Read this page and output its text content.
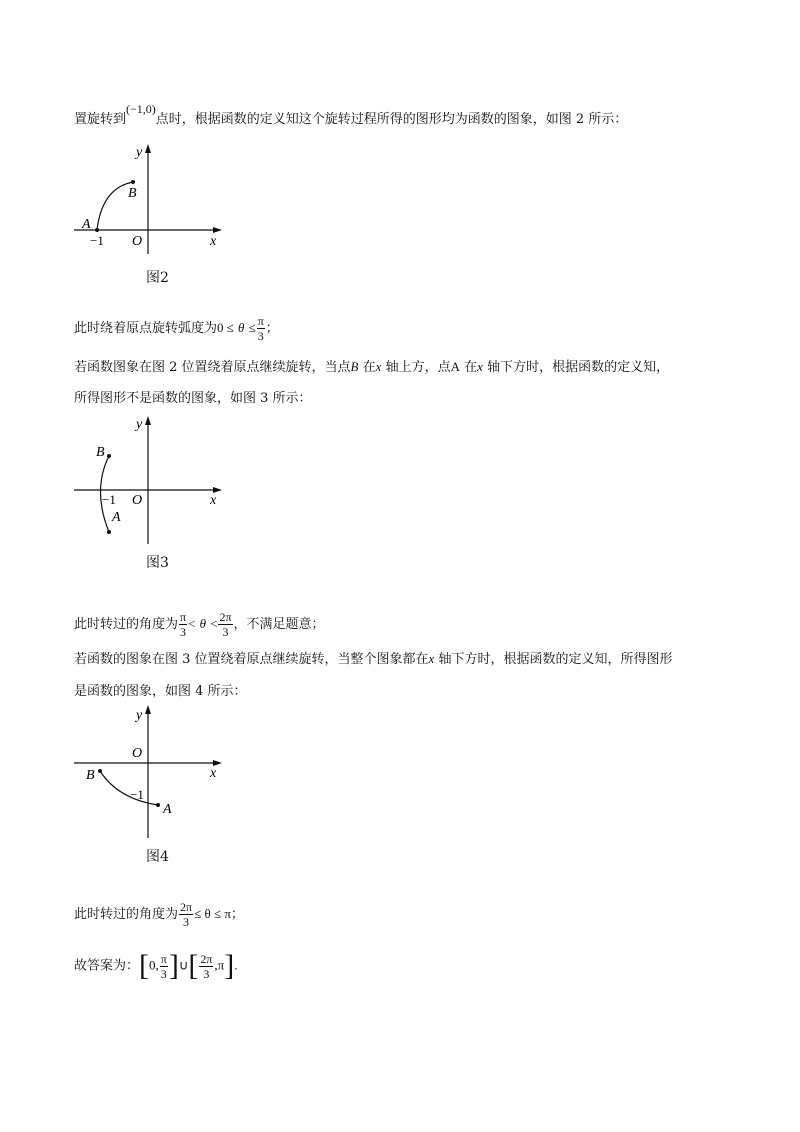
置旋转到(−1,0)点时，根据函数的定义知这个旋转过程所得的图形均为函数的图象，如图 2 所示：
y
x
O
A
B
−1
图2
此时绕着原点旋转弧度为$0 \le \theta \le \frac{\pi}{3}$ ；
若函数图象在图 2 位置绕着原点继续旋转，当点B 在x 轴上方，点A 在x 轴下方时，根据函数的定义知，
所得图形不是函数的图象，如图 3 所示：
y
x
O
B
A
−1
图3
此时转过的角度为 $\frac{\pi}{3} < \theta < \frac{2\pi}{3}$ ，不满足题意；
若函数的图象在图 3 位置绕着原点继续旋转，当整个图象都在x 轴下方时，根据函数的定义知，所得图形
是函数的图象，如图 4 所示：
y
x
O
B
A
−1
图4
此时转过的角度为 $\frac{2\pi}{3} \le \theta \le \pi$；
故答案为：[0, $\frac{\pi}{3}$ ]∪[ $\frac{2\pi}{3} ,\pi$].
